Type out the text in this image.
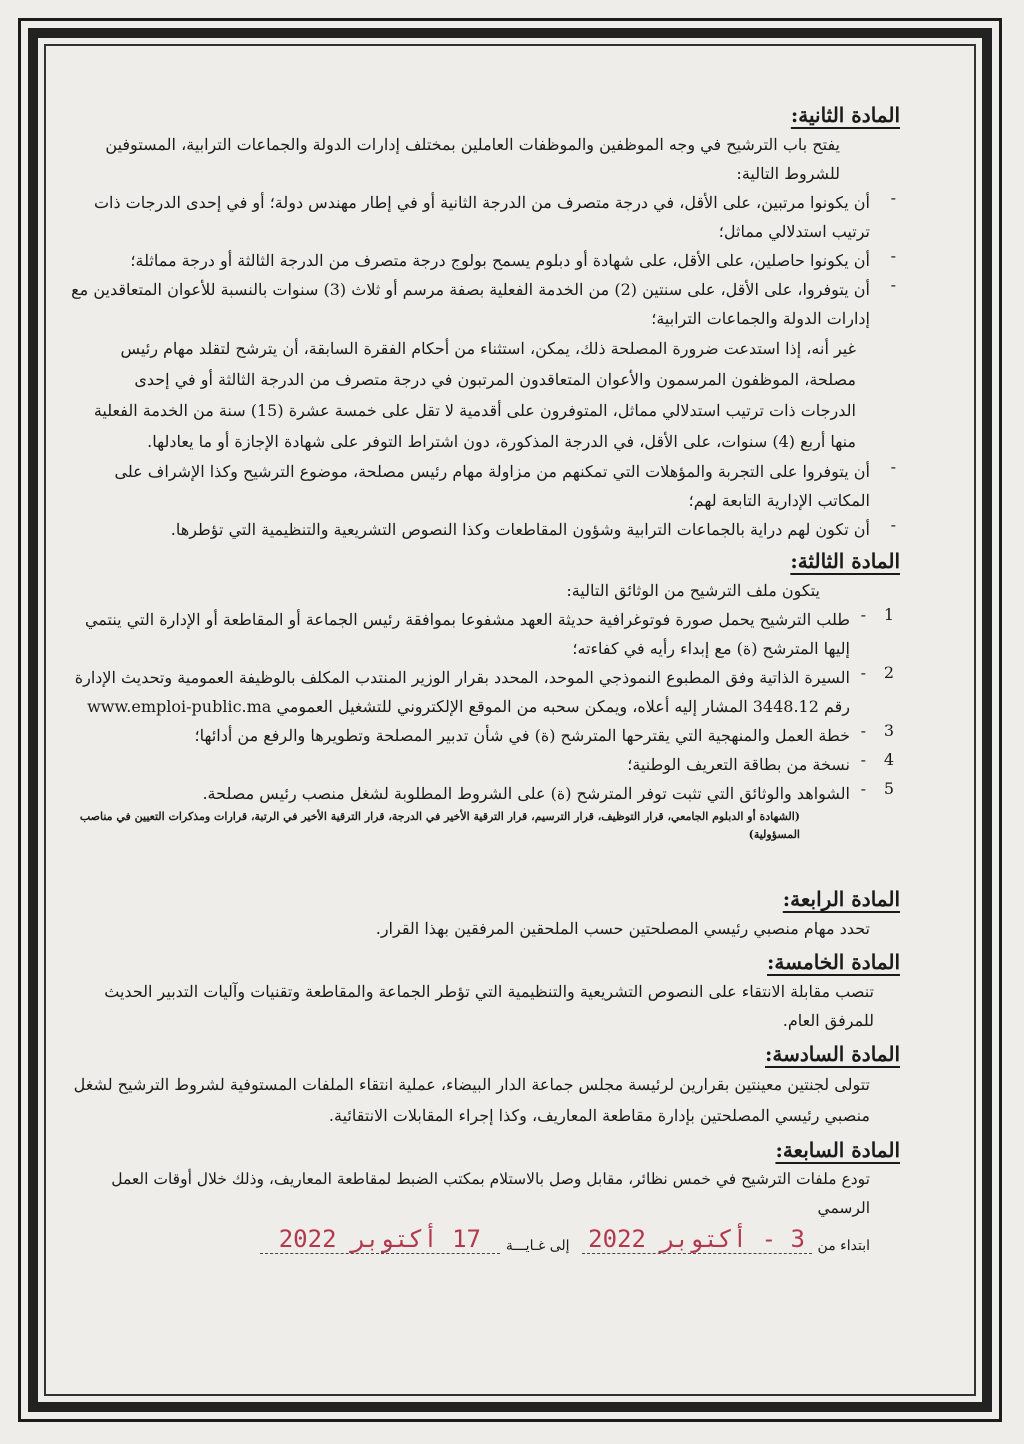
المادة الثانية:

يفتح باب الترشيح في وجه الموظفين والموظفات العاملين بمختلف إدارات الدولة والجماعات الترابية، المستوفين للشروط التالية:

-

أن يكونوا مرتبين، على الأقل، في درجة متصرف من الدرجة الثانية أو في إطار مهندس دولة؛ أو في إحدى الدرجات ذات ترتيب استدلالي مماثل؛

-

أن يكونوا حاصلين، على الأقل، على شهادة أو دبلوم يسمح بولوج درجة متصرف من الدرجة الثالثة أو درجة مماثلة؛

-

أن يتوفروا، على الأقل، على سنتين (2) من الخدمة الفعلية بصفة مرسم أو ثلاث (3) سنوات بالنسبة للأعوان المتعاقدين مع إدارات الدولة والجماعات الترابية؛

غير أنه، إذا استدعت ضرورة المصلحة ذلك، يمكن، استثناء من أحكام الفقرة السابقة، أن يترشح لتقلد مهام رئيس مصلحة، الموظفون المرسمون والأعوان المتعاقدون المرتبون في درجة متصرف من الدرجة الثالثة أو في إحدى الدرجات ذات ترتيب استدلالي مماثل، المتوفرون على أقدمية لا تقل على خمسة عشرة (15) سنة من الخدمة الفعلية منها أربع (4) سنوات، على الأقل، في الدرجة المذكورة، دون اشتراط التوفر على شهادة الإجازة أو ما يعادلها.

-

أن يتوفروا على التجربة والمؤهلات التي تمكنهم من مزاولة مهام رئيس مصلحة، موضوع الترشيح وكذا الإشراف على المكاتب الإدارية التابعة لهم؛

-

أن تكون لهم دراية بالجماعات الترابية وشؤون المقاطعات وكذا النصوص التشريعية والتنظيمية التي تؤطرها.

المادة الثالثة:

يتكون ملف الترشيح من الوثائق التالية:

1
-

طلب الترشيح يحمل صورة فوتوغرافية حديثة العهد مشفوعا بموافقة رئيس الجماعة أو المقاطعة أو الإدارة التي ينتمي إليها المترشح (ة) مع إبداء رأيه في كفاءته؛

2
-

السيرة الذاتية وفق المطبوع النموذجي الموحد، المحدد بقرار الوزير المنتدب المكلف بالوظيفة العمومية وتحديث الإدارة رقم 3448.12 المشار إليه أعلاه، ويمكن سحبه من الموقع الإلكتروني للتشغيل العمومي www.emploi-public.ma

3
-

خطة العمل والمنهجية التي يقترحها المترشح (ة) في شأن تدبير المصلحة وتطويرها والرفع من أدائها؛

4
-

نسخة من بطاقة التعريف الوطنية؛

5
-

الشواهد والوثائق التي تثبت توفر المترشح (ة) على الشروط المطلوبة لشغل منصب رئيس مصلحة.

(الشهادة أو الدبلوم الجامعي، قرار التوظيف، قرار الترسيم، قرار الترقية الأخير في الدرجة، قرار الترقية الأخير في الرتبة، قرارات ومذكرات التعيين في مناصب المسؤولية)

المادة الرابعة:

تحدد مهام منصبي رئيسي المصلحتين حسب الملحقين المرفقين بهذا القرار.

المادة الخامسة:

تنصب مقابلة الانتقاء على النصوص التشريعية والتنظيمية التي تؤطر الجماعة والمقاطعة وتقنيات وآليات التدبير الحديث للمرفق العام.

المادة السادسة:

تتولى لجنتين معينتين بقرارين لرئيسة مجلس جماعة الدار البيضاء، عملية انتقاء الملفات المستوفية لشروط الترشيح لشغل منصبي رئيسي المصلحتين بإدارة مقاطعة المعاريف، وكذا إجراء المقابلات الانتقائية.

المادة السابعة:

تودع ملفات الترشيح في خمس نظائر، مقابل وصل بالاستلام بمكتب الضبط لمقاطعة المعاريف، وذلك خلال أوقات العمل الرسمي

ابتداء من
3 - أكتوبر 2022
إلى غـايـــة
17 أكتوبر 2022
